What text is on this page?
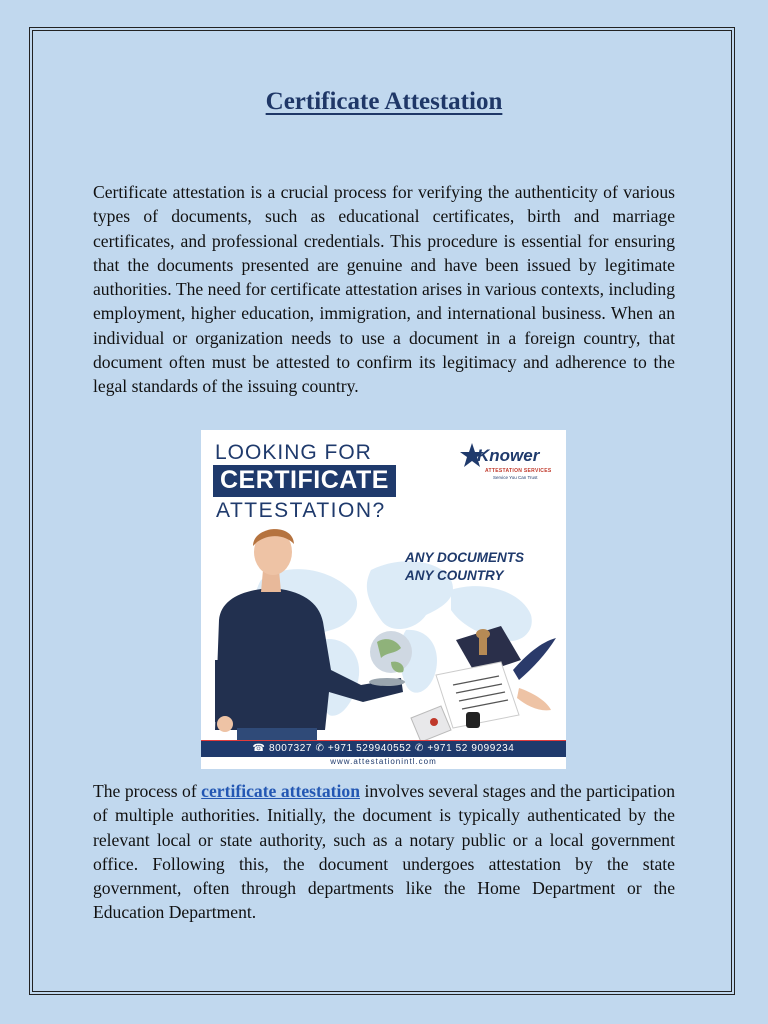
Certificate Attestation

Certificate attestation is a crucial process for verifying the authenticity of various types of documents, such as educational certificates, birth and marriage certificates, and professional credentials. This procedure is essential for ensuring that the documents presented are genuine and have been issued by legitimate authorities. The need for certificate attestation arises in various contexts, including employment, higher education, immigration, and international business. When an individual or organization needs to use a document in a foreign country, that document often must be attested to confirm its legitimacy and adherence to the legal standards of the issuing country.

LOOKING FOR
CERTIFICATE
ATTESTATION?
Knower
ATTESTATION SERVICES
Service You Can Trust
ANY DOCUMENTS
ANY COUNTRY
☎ 8007327 ✆ +971 529940552 ✆ +971 52 9099234
www.attestationintl.com

The process of certificate attestation involves several stages and the participation of multiple authorities. Initially, the document is typically authenticated by the relevant local or state authority, such as a notary public or a local government office. Following this, the document undergoes attestation by the state government, often through departments like the Home Department or the Education Department.
